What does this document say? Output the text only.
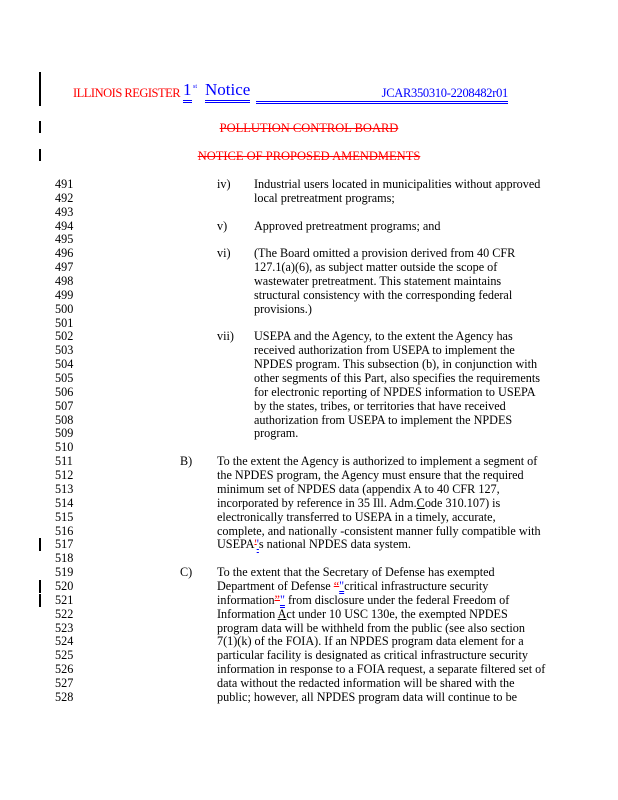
ILLINOIS REGISTER 1 st Notice	JCAR350310-2208482r01
POLLUTION CONTROL BOARD
NOTICE OF PROPOSED AMENDMENTS
491	iv) Industrial users located in municipalities without approved
492	local pretreatment programs;
493
494	v) Approved pretreatment programs; and
495
496	vi) (The Board omitted a provision derived from 40 CFR
497	127.1(a)(6), as subject matter outside the scope of
498	wastewater pretreatment. This statement maintains
499	structural consistency with the corresponding federal
500	provisions.)
501
502	vii) USEPA and the Agency, to the extent the Agency has
503	received authorization from USEPA to implement the
504	NPDES program. This subsection (b), in conjunction with
505	other segments of this Part, also specifies the requirements
506	for electronic reporting of NPDES information to USEPA
507	by the states, tribes, or territories that have received
508	authorization from USEPA to implement the NPDES
509	program.
510
511	B) To the extent the Agency is authorized to implement a segment of
512	the NPDES program, the Agency must ensure that the required
513	minimum set of NPDES data (appendix A to 40 CFR 127,
514	incorporated by reference in 35 Ill. Adm.Code 310.107) is
515	electronically transferred to USEPA in a timely, accurate,
516	complete, and nationally -consistent manner fully compatible with
517	USEPA''s national NPDES data system.
518
519	C) To the extent that the Secretary of Defense has exempted
520	Department of Defense “"critical infrastructure security
521	information”" from disclosure under the federal Freedom of
522	Information Act under 10 USC 130e, the exempted NPDES
523	program data will be withheld from the public (see also section
524	7(1)(k) of the FOIA). If an NPDES program data element for a
525	particular facility is designated as critical infrastructure security
526	information in response to a FOIA request, a separate filtered set of
527	data without the redacted information will be shared with the
528	public; however, all NPDES program data will continue to be
